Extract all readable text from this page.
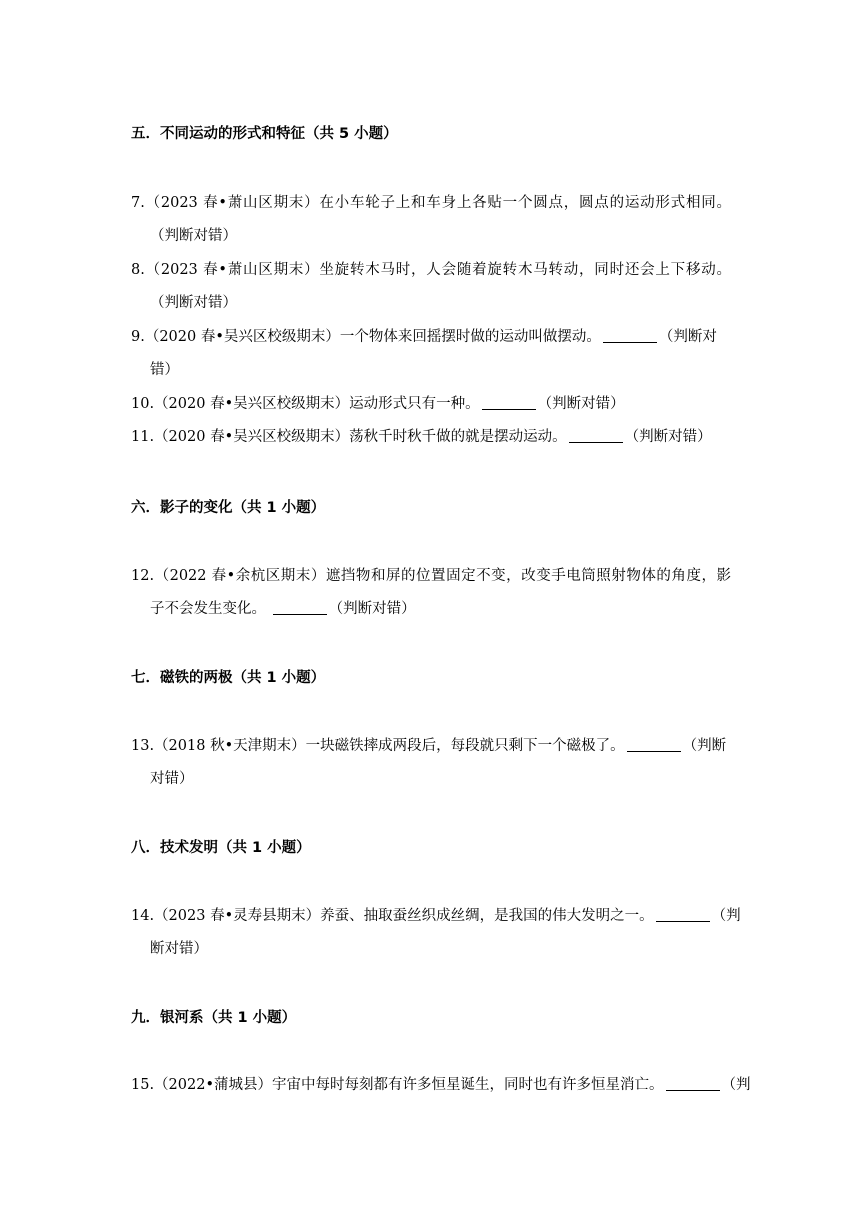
五．不同运动的形式和特征（共 5 小题）
7.（2023 春•萧山区期末）在小车轮子上和车身上各贴一个圆点，圆点的运动形式相同。
（判断对错）
8.（2023 春•萧山区期末）坐旋转木马时，人会随着旋转木马转动，同时还会上下移动。
（判断对错）
9.（2020 春•吴兴区校级期末）一个物体来回摇摆时做的运动叫做摆动。	（判断对
错）
10.（2020 春•吴兴区校级期末）运动形式只有一种。	（判断对错）
11.（2020 春•吴兴区校级期末）荡秋千时秋千做的就是摆动运动。	（判断对错）
六．影子的变化（共 1 小题）
12.（2022 春•余杭区期末）遮挡物和屏的位置固定不变，改变手电筒照射物体的角度，影
子不会发生变化。	（判断对错）
七．磁铁的两极（共 1 小题）
13.（2018 秋•天津期末）一块磁铁摔成两段后，每段就只剩下一个磁极了。	（判断
对错）
八．技术发明（共 1 小题）
14.（2023 春•灵寿县期末）养蚕、抽取蚕丝织成丝绸，是我国的伟大发明之一。	（判
断对错）
九．银河系（共 1 小题）
15.（2022•蒲城县）宇宙中每时每刻都有许多恒星诞生，同时也有许多恒星消亡。	（判
